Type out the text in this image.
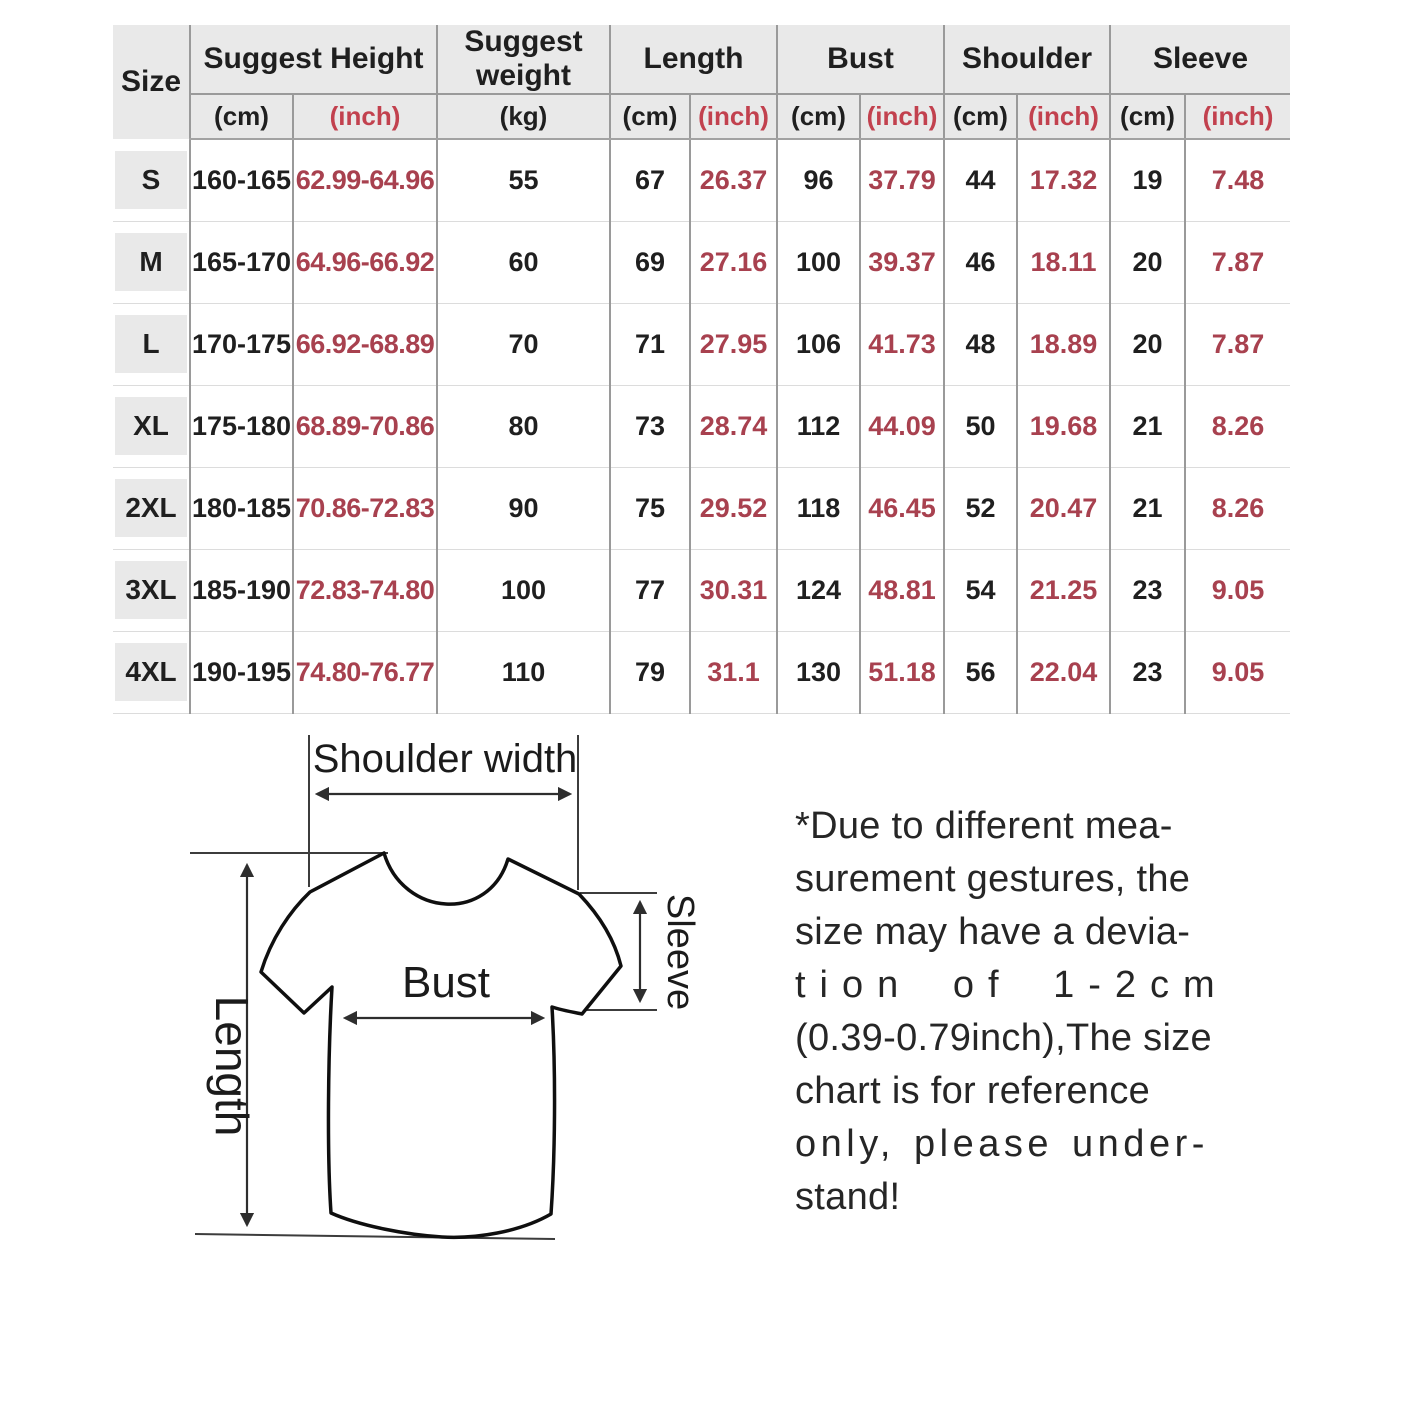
Size	Suggest Height		Suggest weight	Length		Bust		Shoulder		Sleeve	
	(cm)	(inch)	(kg)	(cm)	(inch)	(cm)	(inch)	(cm)	(inch)	(cm)	(inch)
S	160-165	62.99-64.96	55	67	26.37	96	37.79	44	17.32	19	7.48
M	165-170	64.96-66.92	60	69	27.16	100	39.37	46	18.11	20	7.87
L	170-175	66.92-68.89	70	71	27.95	106	41.73	48	18.89	20	7.87
XL	175-180	68.89-70.86	80	73	28.74	112	44.09	50	19.68	21	8.26
2XL	180-185	70.86-72.83	90	75	29.52	118	46.45	52	20.47	21	8.26
3XL	185-190	72.83-74.80	100	77	30.31	124	48.81	54	21.25	23	9.05
4XL	190-195	74.80-76.77	110	79	31.1	130	51.18	56	22.04	23	9.05
Shoulder width
Length
Sleeve
Bust
*Due to different mea-
surement gestures, the
size may have a devia-
tion of 1-2cm
(0.39-0.79inch),The size
chart is for reference
only, please under-
stand!
